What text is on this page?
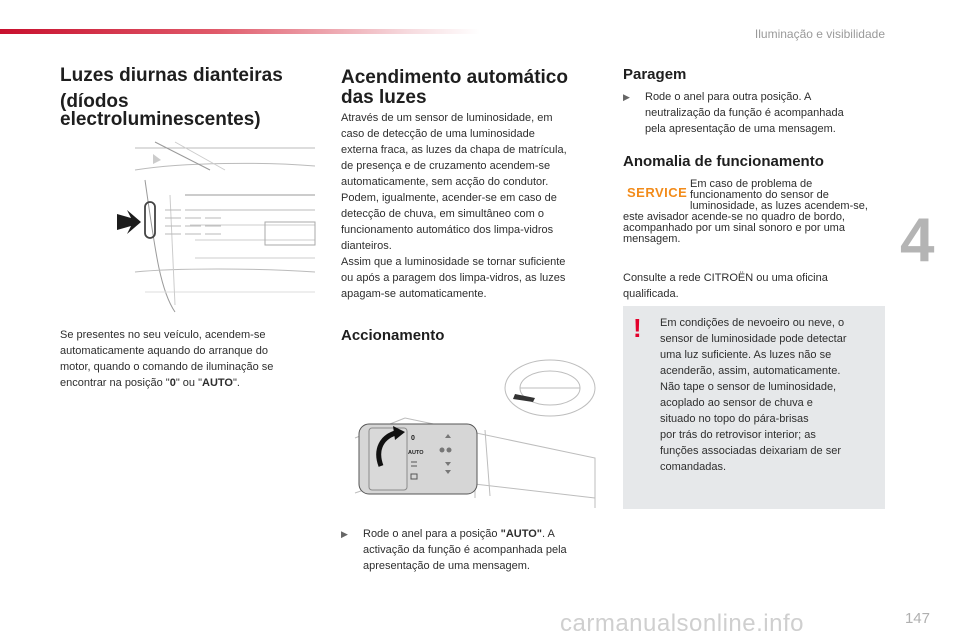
Iluminação e visibilidade
4
Luzes diurnas dianteiras
(díodos
electroluminescentes)
Se presentes no seu veículo, acendem-se
automaticamente aquando do arranque do
motor, quando o comando de iluminação se
encontrar na posição "0" ou "AUTO".
Acendimento automático
das luzes
Através de um sensor de luminosidade, em
caso de detecção de uma luminosidade
externa fraca, as luzes da chapa de matrícula,
de presença e de cruzamento acendem-se
automaticamente, sem acção do condutor.
Podem, igualmente, acender-se em caso de
detecção de chuva, em simultâneo com o
funcionamento automático dos limpa-vidros
dianteiros.
Assim que a luminosidade se tornar suficiente
ou após a paragem dos limpa-vidros, as luzes
apagam-se automaticamente.
Accionamento
0
AUTO
▶	Rode o anel para a posição "AUTO". A
activação da função é acompanhada pela
apresentação de uma mensagem.
Paragem
▶	Rode o anel para outra posição. A
neutralização da função é acompanhada
pela apresentação de uma mensagem.
Anomalia de funcionamento
SERVICE
Em caso de problema de
funcionamento do sensor de
luminosidade, as luzes acendem-se,
este avisador acende-se no quadro de bordo,
acompanhado por um sinal sonoro e por uma
mensagem.
Consulte a rede CITROËN ou uma oficina
qualificada.
! Em condições de nevoeiro ou neve, o
sensor de luminosidade pode detectar
uma luz suficiente. As luzes não se
acenderão, assim, automaticamente.
Não tape o sensor de luminosidade,
acoplado ao sensor de chuva e
situado no topo do pára-brisas
por trás do retrovisor interior; as
funções associadas deixariam de ser
comandadas.
carmanualsonline.info	147
